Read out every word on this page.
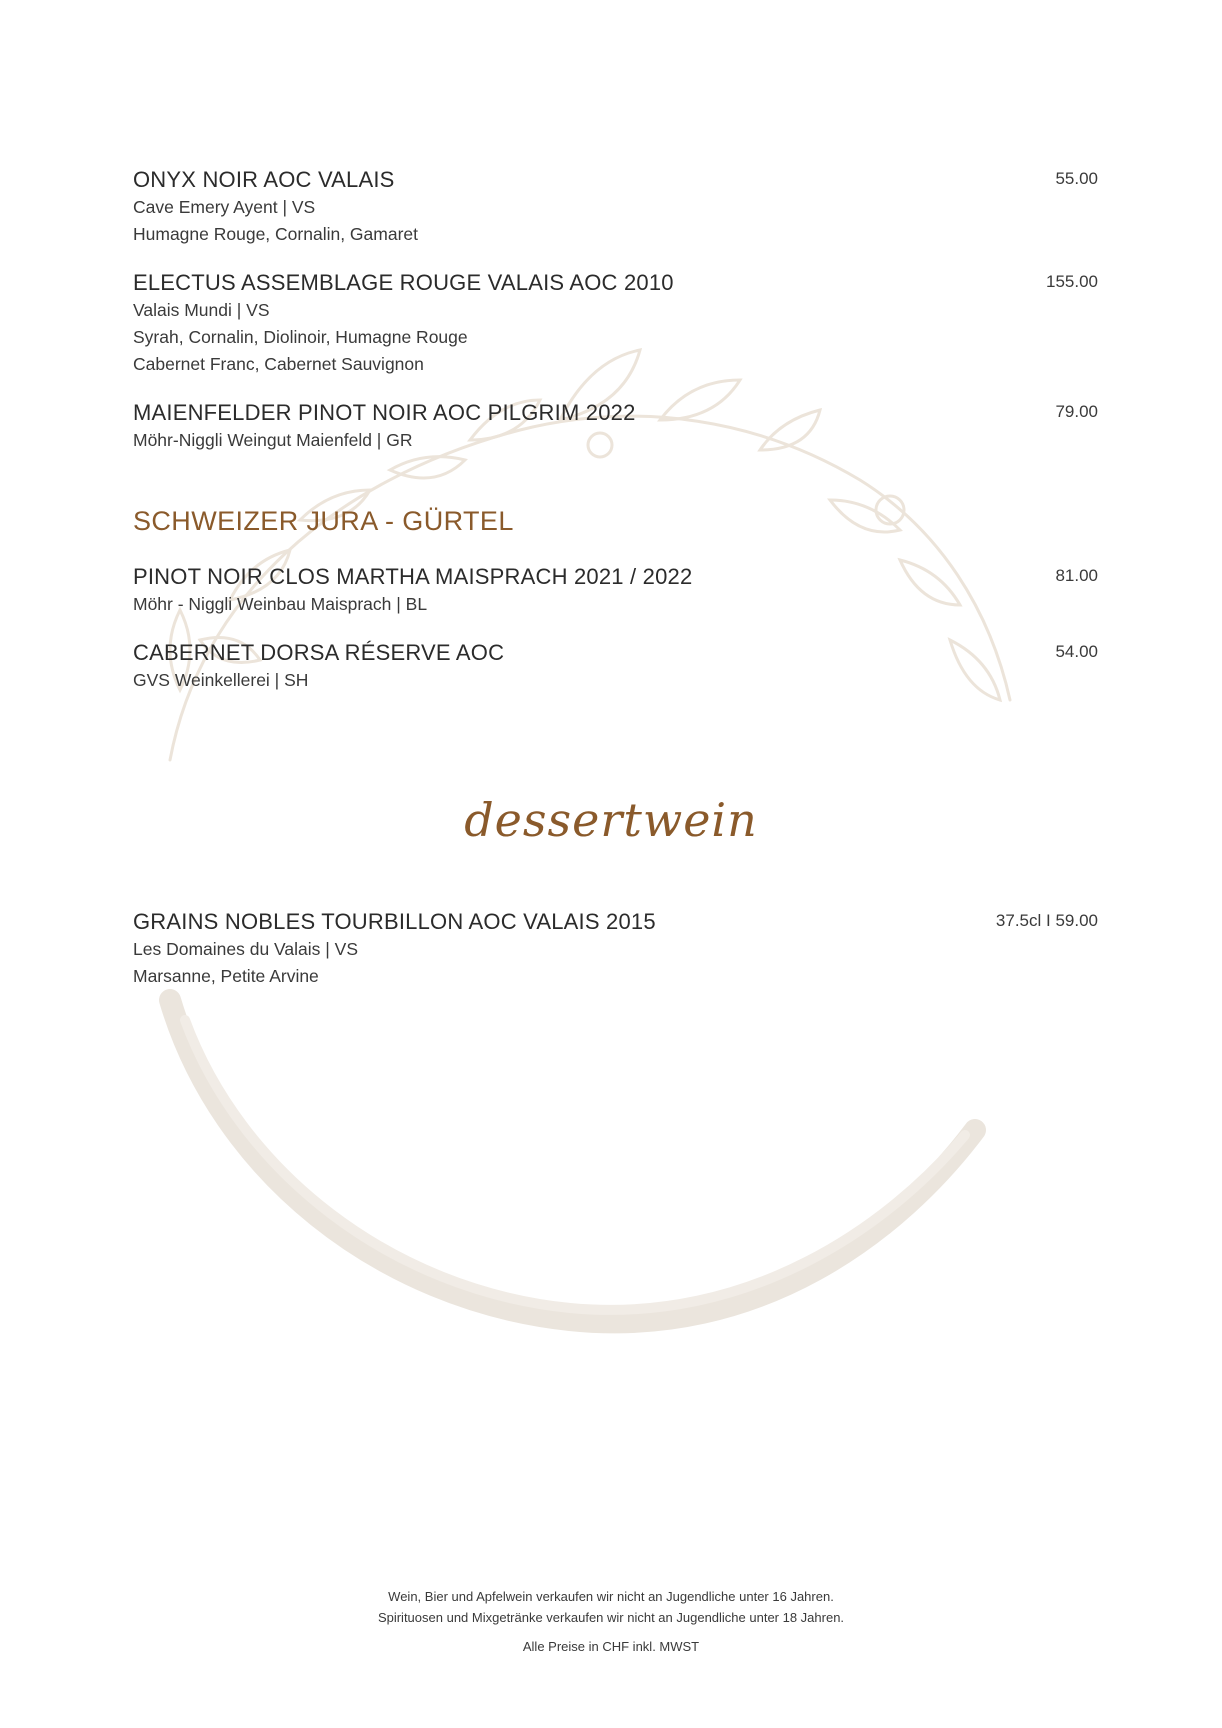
ONYX NOIR AOC VALAIS	55.00
Cave Emery Ayent | VS
Humagne Rouge, Cornalin, Gamaret
ELECTUS ASSEMBLAGE ROUGE VALAIS AOC 2010	155.00
Valais Mundi | VS
Syrah, Cornalin, Diolinoir, Humagne Rouge
Cabernet Franc, Cabernet Sauvignon
MAIENFELDER PINOT NOIR AOC PILGRIM 2022	79.00
Möhr-Niggli Weingut Maienfeld | GR
SCHWEIZER JURA - GÜRTEL
PINOT NOIR CLOS MARTHA MAISPRACH 2021 / 2022	81.00
Möhr - Niggli Weinbau Maisprach | BL
CABERNET DORSA RÉSERVE AOC	54.00
GVS Weinkellerei | SH
dessertwein
GRAINS NOBLES TOURBILLON AOC VALAIS 2015	37.5cl I 59.00
Les Domaines du Valais | VS
Marsanne, Petite Arvine

Wein, Bier und Apfelwein verkaufen wir nicht an Jugendliche unter 16 Jahren.

Spirituosen und Mixgetränke verkaufen wir nicht an Jugendliche unter 18 Jahren.

Alle Preise in CHF inkl. MWST
